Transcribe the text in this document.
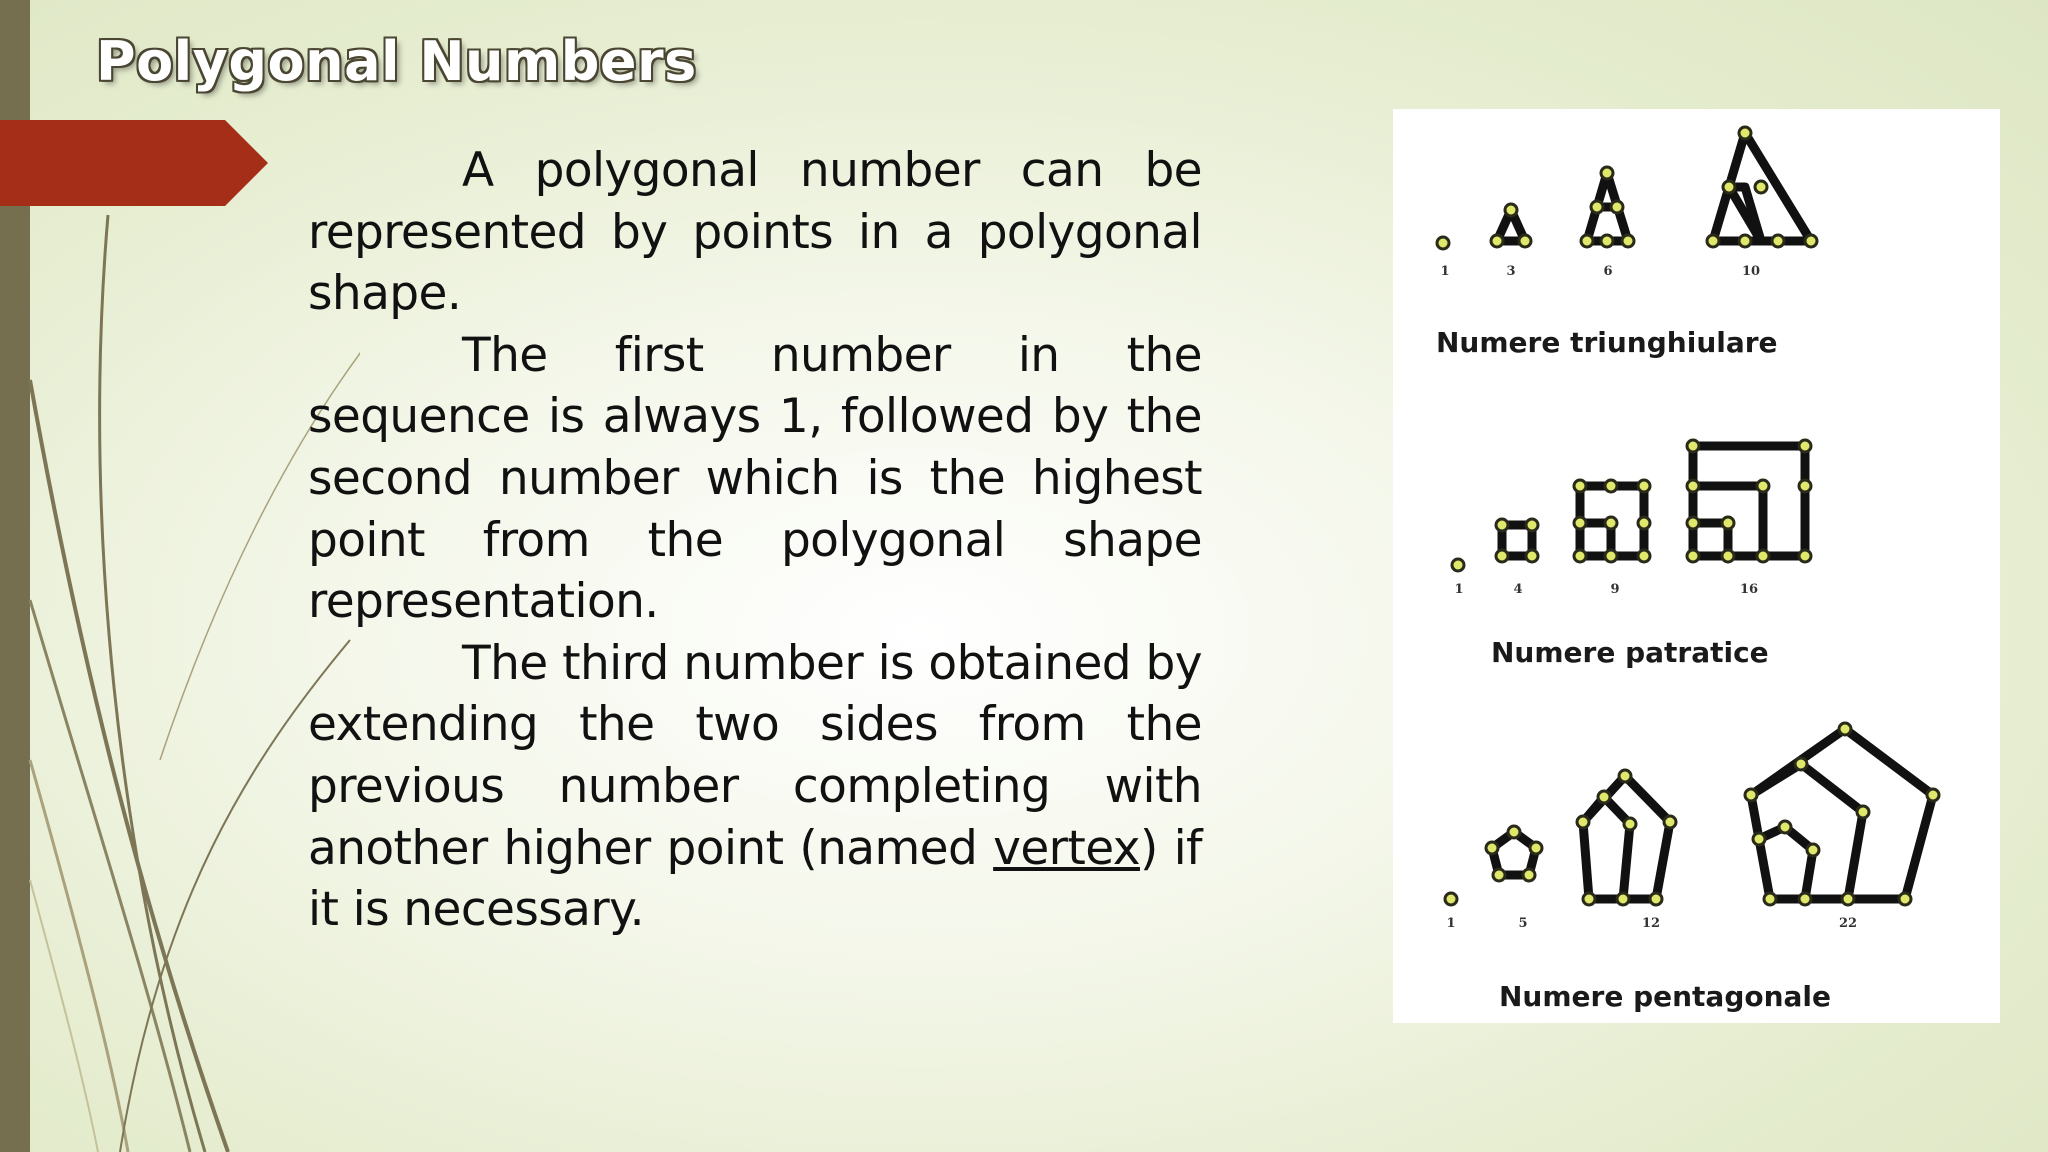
Polygonal Numbers

A polygonal number can be represented by points in a polygonal shape.

The first number in the sequence is always 1, followed by the second number which is the highest point from the polygonal shape representation.

The third number is obtained by extending the two sides from the previous number completing with another higher point (named vertex) if it is necessary.

1	3	6	10
1	4	9	16
1	5	12	22
Numere triunghiulare
Numere patratice
Numere pentagonale
